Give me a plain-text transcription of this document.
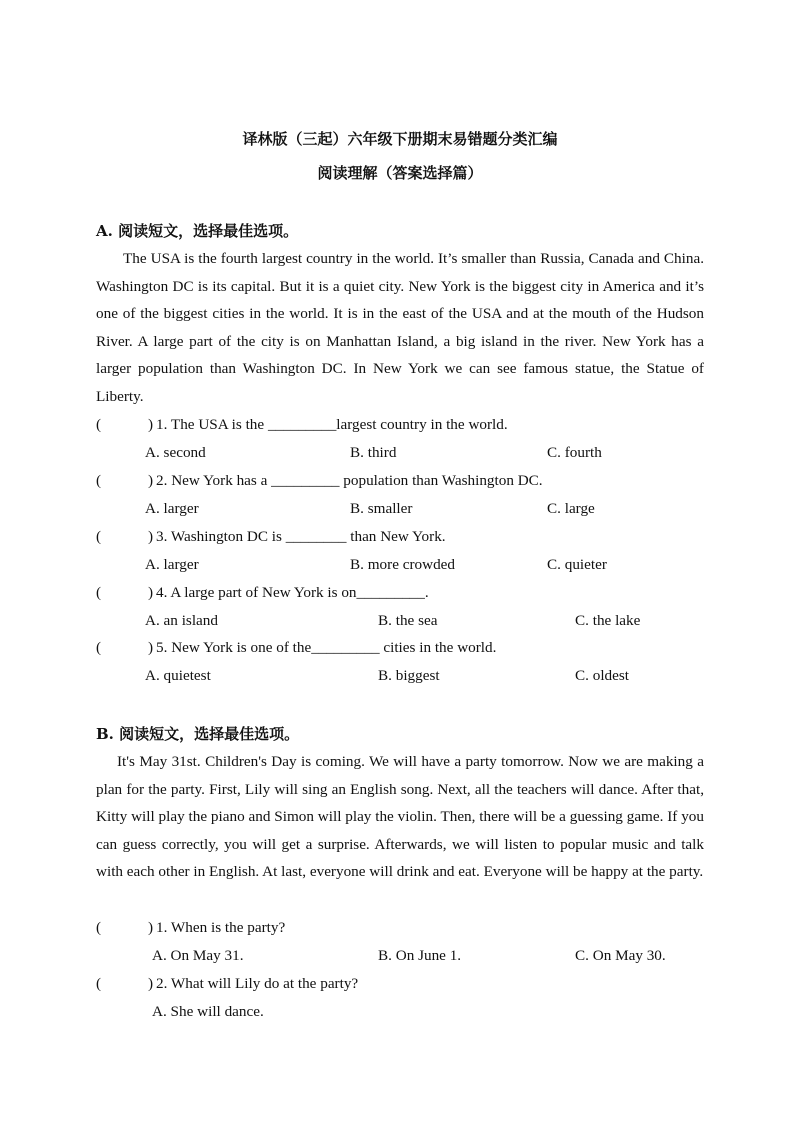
译林版（三起）六年级下册期末易错题分类汇编
阅读理解（答案选择篇）
A. 阅读短文，选择最佳选项。

The USA is the fourth largest country in the world. It’s smaller than Russia, Canada and China. Washington DC is its capital. But it is a quiet city. New York is the biggest city in America and it’s one of the biggest cities in the world. It is in the east of the USA and at the mouth of the Hudson River. A large part of the city is on Manhattan Island, a big island in the river. New York has a larger population than Washington DC. In New York we can see famous statue, the Statue of Liberty.

(	) 1. The USA is the _________largest country in the world.
A. second	B. third	C. fourth
(	) 2. New York has a _________ population than Washington DC.
A. larger	B. smaller	C. large
(	) 3. Washington DC is ________ than New York.
A. larger	B. more crowded	C. quieter
(	) 4. A large part of New York is on_________.
A. an island	B. the sea	C. the lake
(	) 5. New York is one of the_________ cities in the world.
A. quietest	B. biggest	C. oldest
B. 阅读短文，选择最佳选项。

It's May 31st. Children's Day is coming. We will have a party tomorrow. Now we are making a plan for the party. First, Lily will sing an English song. Next, all the teachers will dance. After that, Kitty will play the piano and Simon will play the violin. Then, there will be a guessing game. If you can guess correctly, you will get a surprise. Afterwards, we will listen to popular music and talk with each other in English. At last, everyone will drink and eat. Everyone will be happy at the party.

(	) 1. When is the party?
A. On May 31.	B. On June 1.	C. On May 30.
(	) 2. What will Lily do at the party?
A. She will dance.
